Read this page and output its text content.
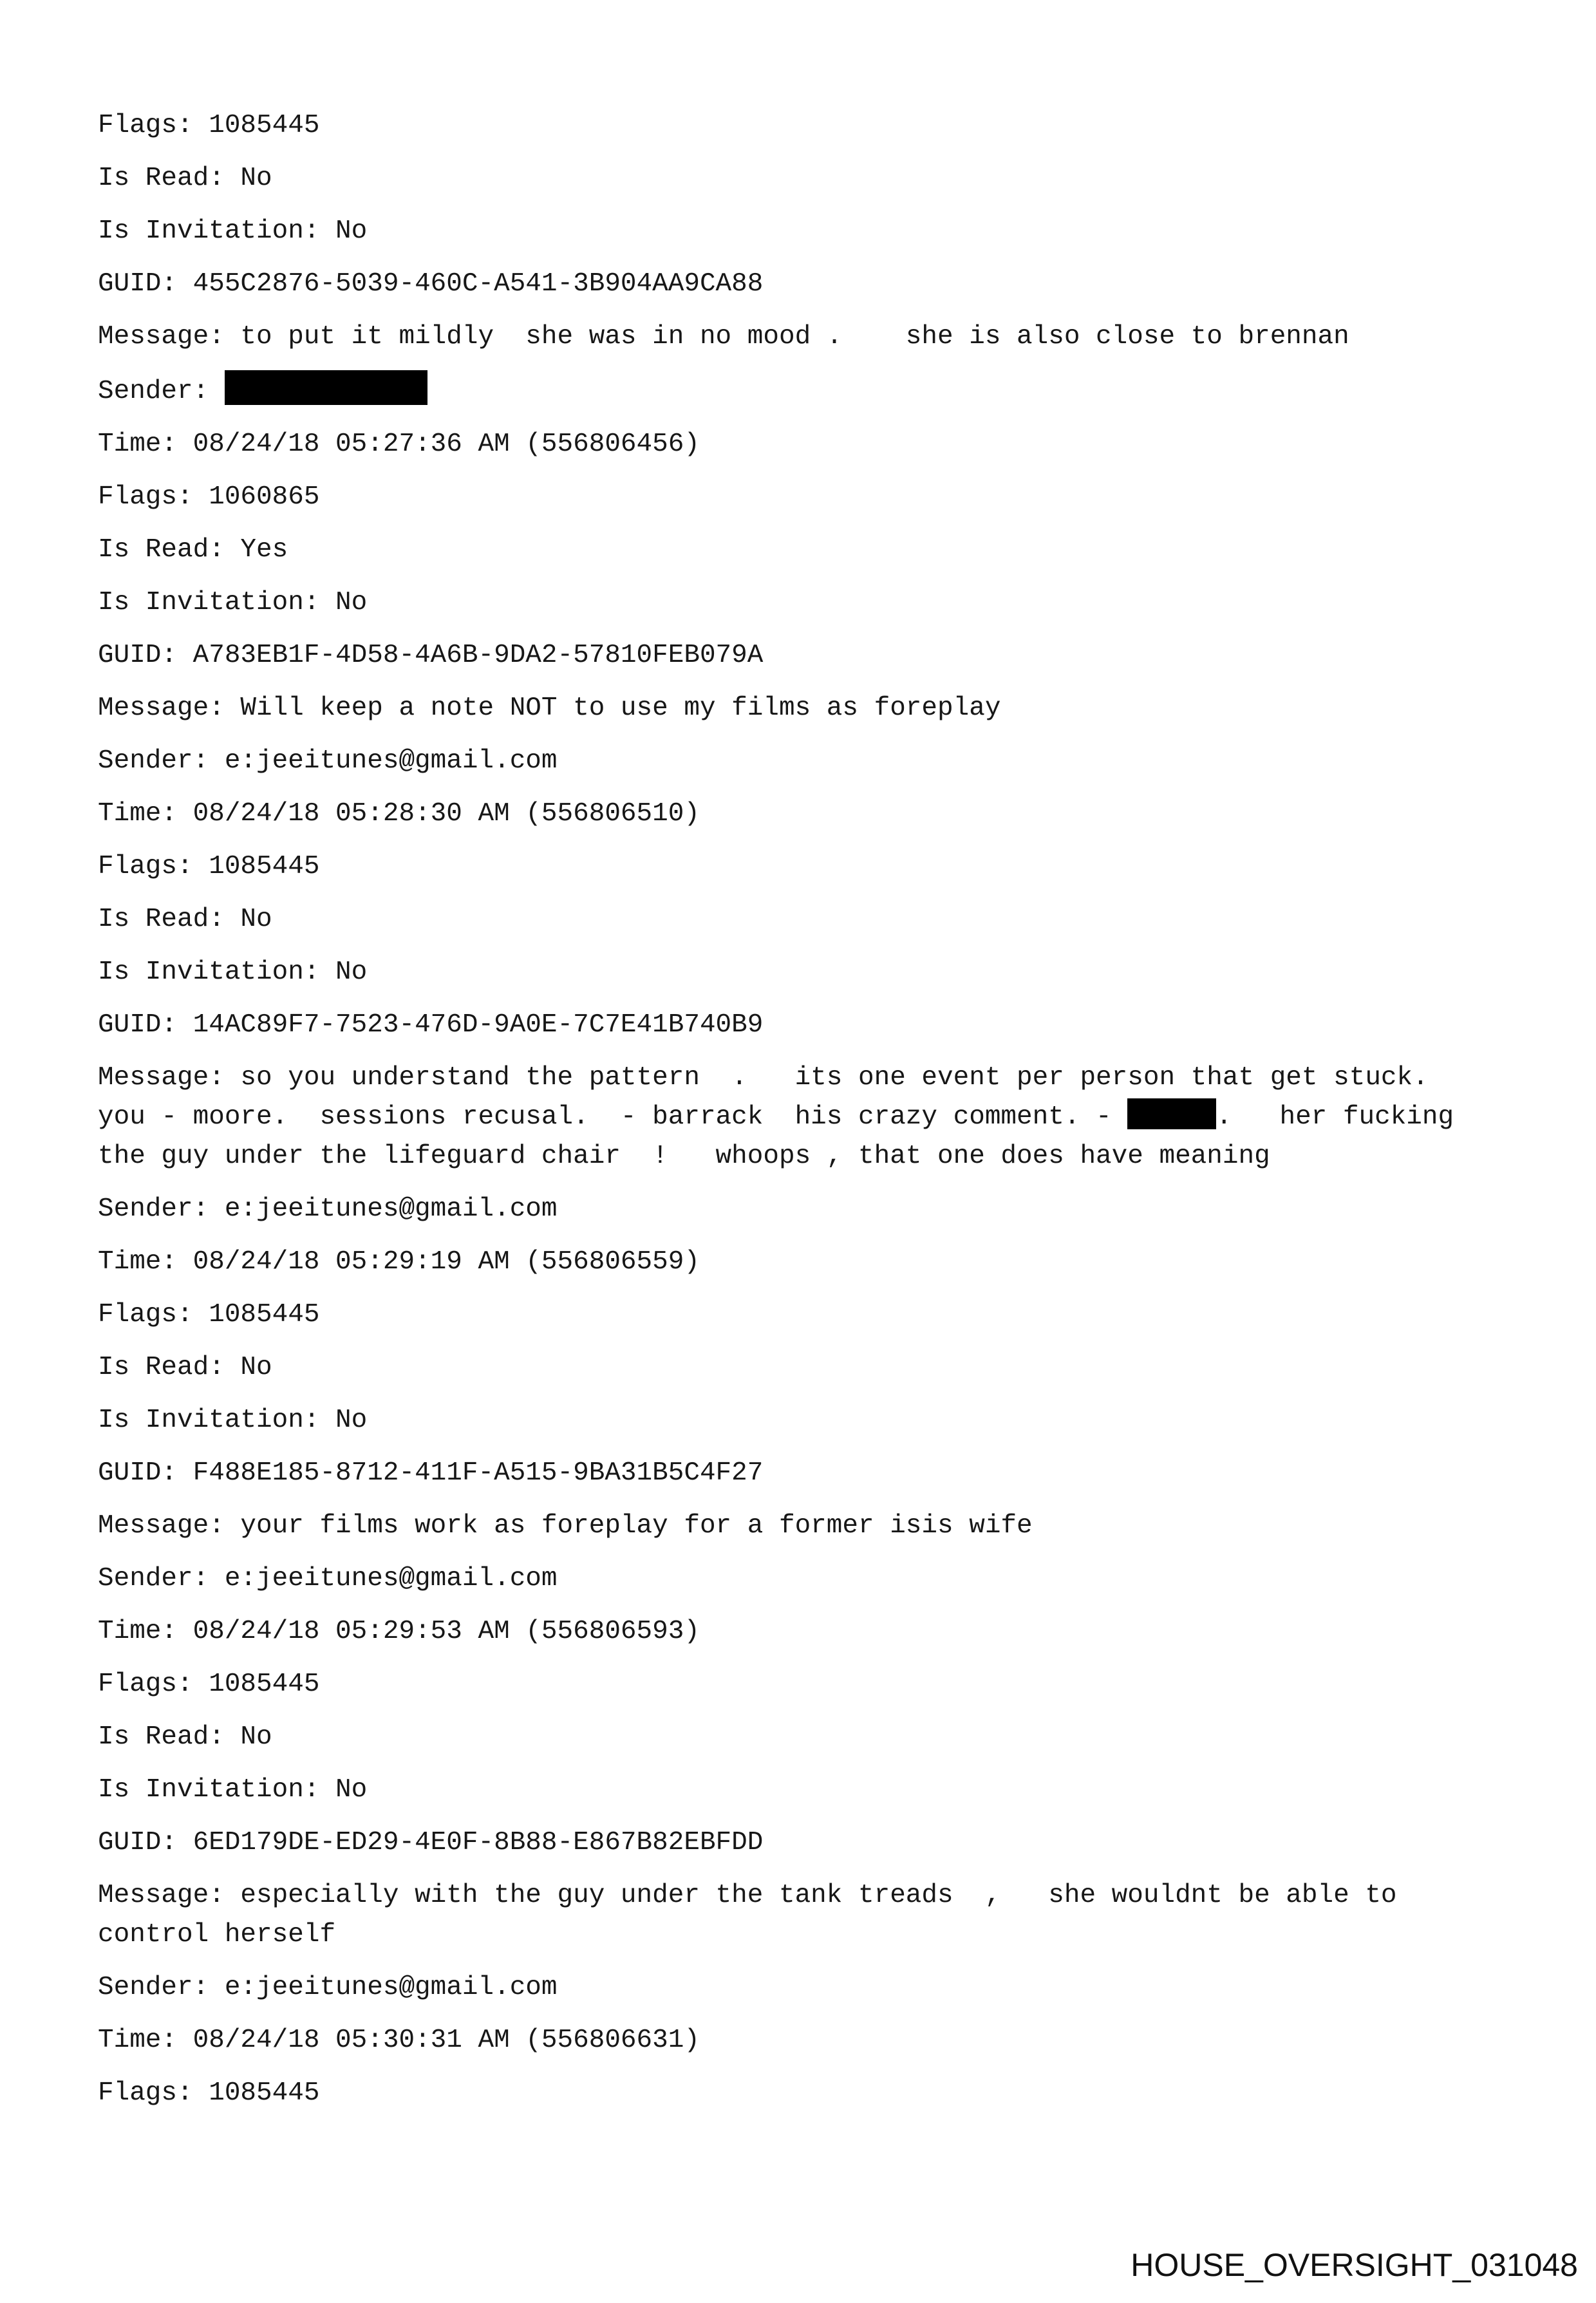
Flags: 1085445
Is Read: No
Is Invitation: No
GUID: 455C2876-5039-460C-A541-3B904AA9CA88
Message: to put it mildly  she was in no mood .    she is also close to brennan
Sender:
Time: 08/24/18 05:27:36 AM (556806456)
Flags: 1060865
Is Read: Yes
Is Invitation: No
GUID: A783EB1F-4D58-4A6B-9DA2-57810FEB079A
Message: Will keep a note NOT to use my films as foreplay
Sender: e:jeeitunes@gmail.com
Time: 08/24/18 05:28:30 AM (556806510)
Flags: 1085445
Is Read: No
Is Invitation: No
GUID: 14AC89F7-7523-476D-9A0E-7C7E41B740B9
Message: so you understand the pattern  .   its one event per person that get stuck. you - moore.  sessions recusal.  - barrack  his crazy comment. -	.   her fucking the guy under the lifeguard chair  !   whoops , that one does have meaning
Sender: e:jeeitunes@gmail.com
Time: 08/24/18 05:29:19 AM (556806559)
Flags: 1085445
Is Read: No
Is Invitation: No
GUID: F488E185-8712-411F-A515-9BA31B5C4F27
Message: your films work as foreplay for a former isis wife
Sender: e:jeeitunes@gmail.com
Time: 08/24/18 05:29:53 AM (556806593)
Flags: 1085445
Is Read: No
Is Invitation: No
GUID: 6ED179DE-ED29-4E0F-8B88-E867B82EBFDD
Message: especially with the guy under the tank treads  ,   she wouldnt be able to control herself
Sender: e:jeeitunes@gmail.com
Time: 08/24/18 05:30:31 AM (556806631)
Flags: 1085445
HOUSE_OVERSIGHT_031048
